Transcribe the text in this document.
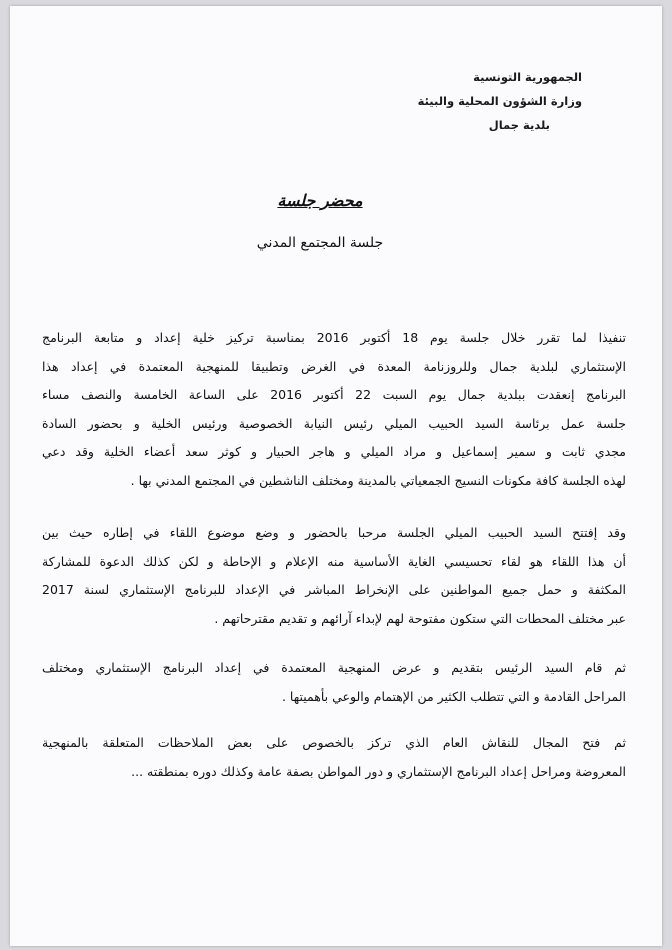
الجمهورية التونسية
وزارة الشؤون المحلية والبيئة
بلدية جمال
محضر جلسة
جلسة المجتمع المدني

تنفيذا لما تقرر خلال جلسة يوم 18 أكتوبر 2016 بمناسبة تركيز خلية إعداد و متابعة البرنامج

الإستثماري لبلدية جمال وللروزنامة المعدة في الغرض وتطبيقا للمنهجية المعتمدة في إعداد هذا

البرنامج إنعقدت ببلدية جمال يوم السبت 22 أكتوبر 2016 على الساعة الخامسة والنصف مساء

جلسة عمل برئاسة السيد الحبيب الميلي رئيس النيابة الخصوصية ورئيس الخلية و بحضور السادة

مجدي ثابت و سمير إسماعيل و مراد الميلي و هاجر الحبيار و كوثر سعد أعضاء الخلية وقد دعي

لهذه الجلسة كافة مكونات النسيج الجمعياتي بالمدينة ومختلف الناشطين في المجتمع المدني بها .

وقد إفتتح السيد الحبيب الميلي الجلسة مرحبا بالحضور و وضع موضوع اللقاء في إطاره حيث بين

أن هذا اللقاء هو لقاء تحسيسي الغاية الأساسية منه الإعلام و الإحاطة و لكن كذلك الدعوة للمشاركة

المكثفة و حمل جميع المواطنين على الإنخراط المباشر في الإعداد للبرنامج الإستثماري لسنة 2017

عبر مختلف المحطات التي ستكون مفتوحة لهم لإبداء آرائهم و تقديم مقترحاتهم .

ثم قام السيد الرئيس بتقديم و عرض المنهجية المعتمدة في إعداد البرنامج الإستثماري ومختلف

المراحل القادمة و التي تتطلب الكثير من الإهتمام والوعي بأهميتها .

ثم فتح المجال للنقاش العام الذي تركز بالخصوص على بعض الملاحظات المتعلقة بالمنهجية

المعروضة ومراحل إعداد البرنامج الإستثماري و دور المواطن بصفة عامة وكذلك دوره بمنطقته ...
